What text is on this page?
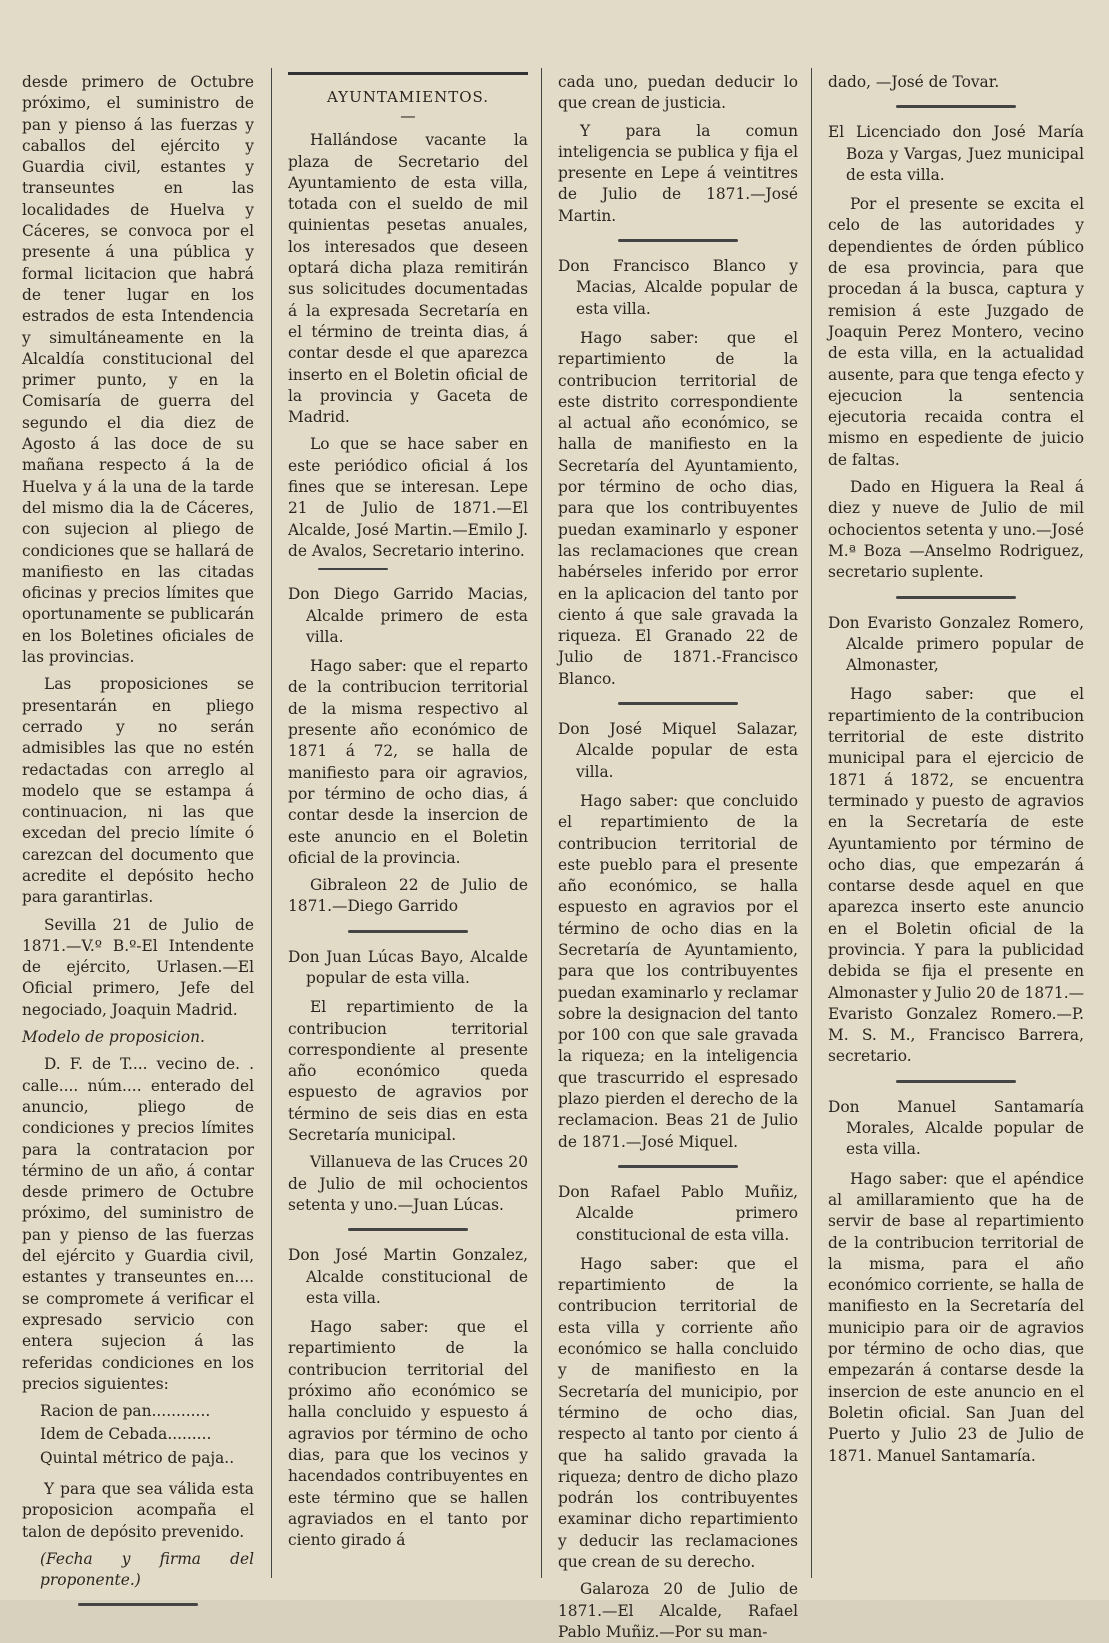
desde primero de Octubre próximo, el suministro de pan y pienso á las fuerzas y caballos del ejército y Guardia civil, estantes y transeuntes en las localidades de Huelva y Cáceres, se convoca por el presente á una pública y formal licitacion que habrá de tener lugar en los estrados de esta Intendencia y simultáneamente en la Alcaldía constitucional del primer punto, y en la Comisaría de guerra del segundo el dia diez de Agosto á las doce de su mañana respecto á la de Huelva y á la una de la tarde del mismo dia la de Cáceres, con sujecion al pliego de condiciones que se hallará de manifiesto en las citadas oficinas y precios límites que oportunamente se publicarán en los Boletines oficiales de las provincias.

Las proposiciones se presentarán en pliego cerrado y no serán admisibles las que no estén redactadas con arreglo al modelo que se estampa á continuacion, ni las que excedan del precio límite ó carezcan del documento que acredite el depósito hecho para garantirlas.

Sevilla 21 de Julio de 1871.—V.º B.º-El Intendente de ejército, Urlasen.—El Oficial primero, Jefe del negociado, Joaquin Madrid.

Modelo de proposicion.

D. F. de T.... vecino de. . calle.... núm.... enterado del anuncio, pliego de condiciones y precios límites para la contratacion por término de un año, á contar desde primero de Octubre próximo, del suministro de pan y pienso de las fuerzas del ejército y Guardia civil, estantes y transeuntes en.... se compromete á verificar el expresado servicio con entera sujecion á las referidas condiciones en los precios siguientes:

Racion de pan............

Idem de Cebada.........

Quintal métrico de paja..

Y para que sea válida esta proposicion acompaña el talon de depósito prevenido.

(Fecha y firma del proponente.)

AYUNTAMIENTOS.
—

Hallándose vacante la plaza de Secretario del Ayuntamiento de esta villa, totada con el sueldo de mil quinientas pesetas anuales, los interesados que deseen optará dicha plaza remitirán sus solicitudes documentadas á la expresada Secretaría en el término de treinta dias, á contar desde el que aparezca inserto en el Boletin oficial de la provincia y Gaceta de Madrid.

Lo que se hace saber en este periódico oficial á los fines que se interesan. Lepe 21 de Julio de 1871.—El Alcalde, José Martin.—Emilo J. de Avalos, Secretario interino.

Don Diego Garrido Macias, Alcalde primero de esta villa.

Hago saber: que el reparto de la contribucion territorial de la misma respectivo al presente año económico de 1871 á 72, se halla de manifiesto para oir agravios, por término de ocho dias, á contar desde la insercion de este anuncio en el Boletin oficial de la provincia.

Gibraleon 22 de Julio de 1871.—Diego Garrido

Don Juan Lúcas Bayo, Alcalde popular de esta villa.

El repartimiento de la contribucion territorial correspondiente al presente año económico queda espuesto de agravios por término de seis dias en esta Secretaría municipal.

Villanueva de las Cruces 20 de Julio de mil ochocientos setenta y uno.—Juan Lúcas.

Don José Martin Gonzalez, Alcalde constitucional de esta villa.

Hago saber: que el repartimiento de la contribucion territorial del próximo año económico se halla concluido y espuesto á agravios por término de ocho dias, para que los vecinos y hacendados contribuyentes en este término que se hallen agraviados en el tanto por ciento girado á

cada uno, puedan deducir lo que crean de justicia.

Y para la comun inteligencia se publica y fija el presente en Lepe á veintitres de Julio de 1871.—José Martin.

Don Francisco Blanco y Macias, Alcalde popular de esta villa.

Hago saber: que el repartimiento de la contribucion territorial de este distrito correspondiente al actual año económico, se halla de manifiesto en la Secretaría del Ayuntamiento, por término de ocho dias, para que los contribuyentes puedan examinarlo y esponer las reclamaciones que crean habérseles inferido por error en la aplicacion del tanto por ciento á que sale gravada la riqueza. El Granado 22 de Julio de 1871.-Francisco Blanco.

Don José Miquel Salazar, Alcalde popular de esta villa.

Hago saber: que concluido el repartimiento de la contribucion territorial de este pueblo para el presente año económico, se halla espuesto en agravios por el término de ocho dias en la Secretaría de Ayuntamiento, para que los contribuyentes puedan examinarlo y reclamar sobre la designacion del tanto por 100 con que sale gravada la riqueza; en la inteligencia que trascurrido el espresado plazo pierden el derecho de la reclamacion. Beas 21 de Julio de 1871.—José Miquel.

Don Rafael Pablo Muñiz, Alcalde primero constitucional de esta villa.

Hago saber: que el repartimiento de la contribucion territorial de esta villa y corriente año económico se halla concluido y de manifiesto en la Secretaría del municipio, por término de ocho dias, respecto al tanto por ciento á que ha salido gravada la riqueza; dentro de dicho plazo podrán los contribuyentes examinar dicho repartimiento y deducir las reclamaciones que crean de su derecho.

Galaroza 20 de Julio de 1871.—El Alcalde, Rafael Pablo Muñiz.—Por su man-

dado, —José de Tovar.

El Licenciado don José María Boza y Vargas, Juez municipal de esta villa.

Por el presente se excita el celo de las autoridades y dependientes de órden público de esa provincia, para que procedan á la busca, captura y remision á este Juzgado de Joaquin Perez Montero, vecino de esta villa, en la actualidad ausente, para que tenga efecto y ejecucion la sentencia ejecutoria recaida contra el mismo en espediente de juicio de faltas.

Dado en Higuera la Real á diez y nueve de Julio de mil ochocientos setenta y uno.—José M.ª Boza —Anselmo Rodriguez, secretario suplente.

Don Evaristo Gonzalez Romero, Alcalde primero popular de Almonaster,

Hago saber: que el repartimiento de la contribucion territorial de este distrito municipal para el ejercicio de 1871 á 1872, se encuentra terminado y puesto de agravios en la Secretaría de este Ayuntamiento por término de ocho dias, que empezarán á contarse desde aquel en que aparezca inserto este anuncio en el Boletin oficial de la provincia. Y para la publicidad debida se fija el presente en Almonaster y Julio 20 de 1871.—Evaristo Gonzalez Romero.—P. M. S. M., Francisco Barrera, secretario.

Don Manuel Santamaría Morales, Alcalde popular de esta villa.

Hago saber: que el apéndice al amillaramiento que ha de servir de base al repartimiento de la contribucion territorial de la misma, para el año económico corriente, se halla de manifiesto en la Secretaría del municipio para oir de agravios por término de ocho dias, que empezarán á contarse desde la insercion de este anuncio en el Boletin oficial. San Juan del Puerto y Julio 23 de Julio de 1871. Manuel Santamaría.
